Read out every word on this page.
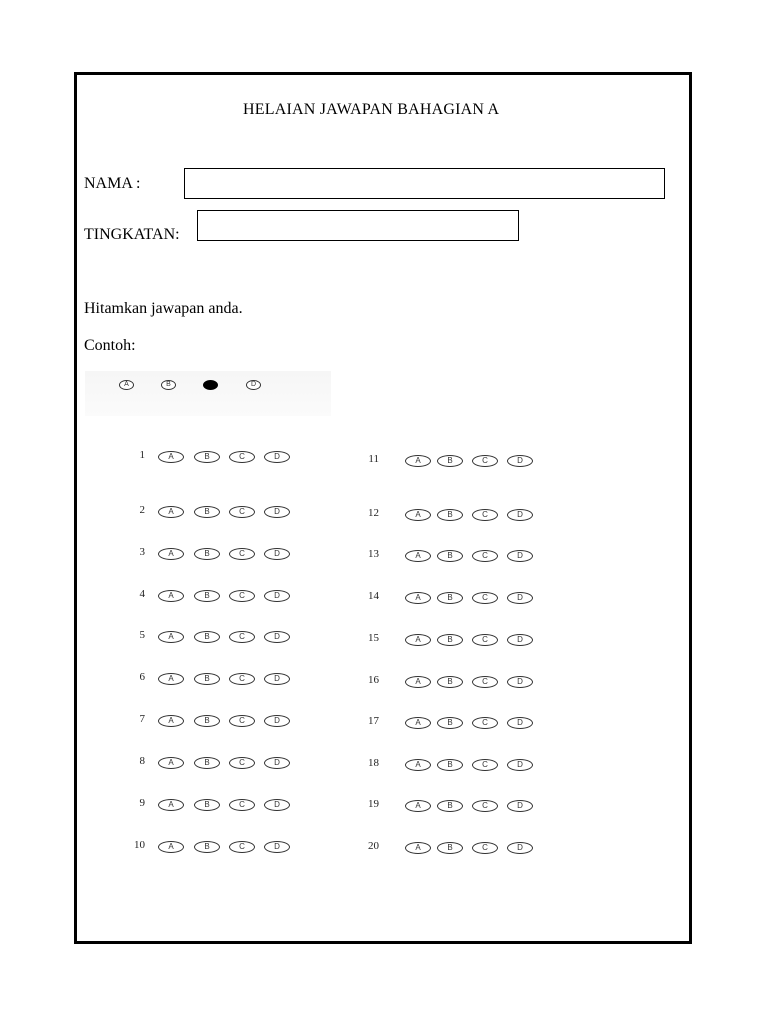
HELAIAN JAWAPAN BAHAGIAN A
NAMA :
TINGKATAN:
Hitamkan jawapan anda.
Contoh:
A	B	D
1	A	B	C	D
2	A	B	C	D
3	A	B	C	D
4	A	B	C	D
5	A	B	C	D
6	A	B	C	D
7	A	B	C	D
8	A	B	C	D
9	A	B	C	D
10	A	B	C	D
11	A	B	C	D
12	A	B	C	D
13	A	B	C	D
14	A	B	C	D
15	A	B	C	D
16	A	B	C	D
17	A	B	C	D
18	A	B	C	D
19	A	B	C	D
20	A	B	C	D
